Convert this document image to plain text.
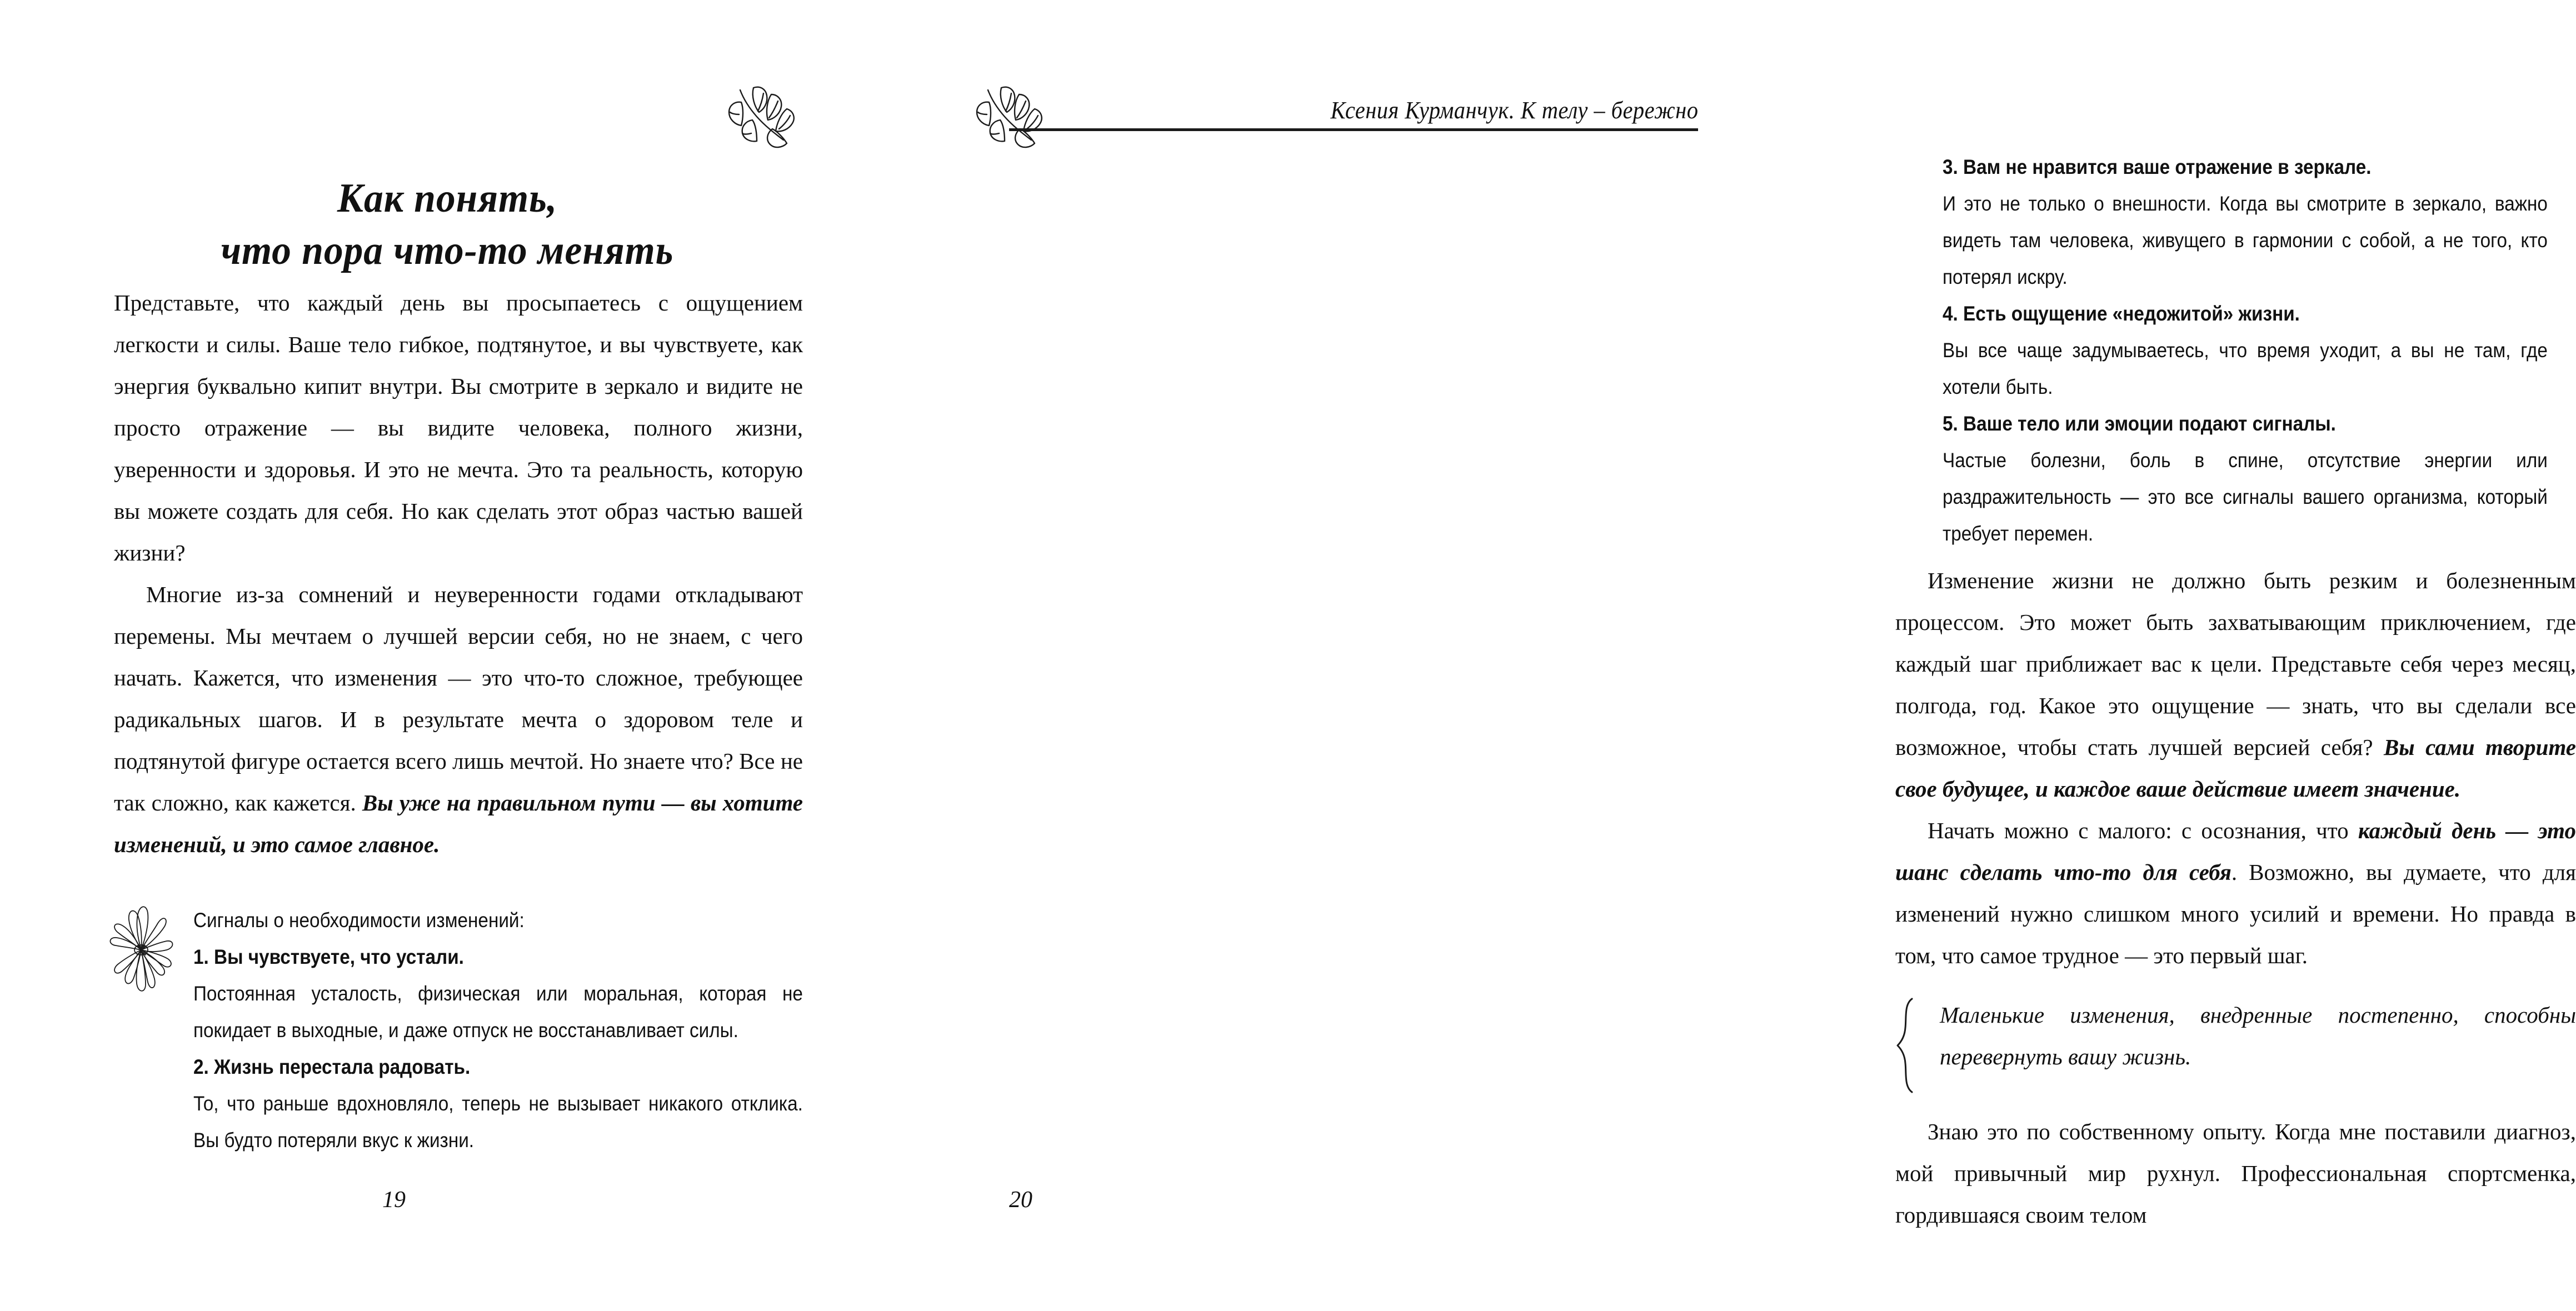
Как понять,
что пора что-то менять

Представьте, что каждый день вы просыпаетесь с ощущением легкости и силы. Ваше тело гибкое, подтянутое, и вы чувствуете, как энергия буквально кипит внутри. Вы смотрите в зеркало и видите не просто отражение — вы видите человека, полного жизни, уверенности и здоровья. И это не мечта. Это та реальность, которую вы можете создать для себя. Но как сделать этот образ частью вашей жизни?

Многие из-за сомнений и неуверенности годами откладывают перемены. Мы мечтаем о лучшей версии себя, но не знаем, с чего начать. Кажется, что изменения — это что-то сложное, требующее радикальных шагов. И в результате мечта о здоровом теле и подтянутой фигуре остается всего лишь мечтой. Но знаете что? Все не так сложно, как кажется. Вы уже на правильном пути — вы хотите изменений, и это самое главное.

Сигналы о необходимости изменений:

1. Вы чувствуете, что устали.

Постоянная усталость, физическая или моральная, которая не покидает в выходные, и даже отпуск не восстанавливает силы.

2. Жизнь перестала радовать.

То, что раньше вдохновляло, теперь не вызывает никакого отклика. Вы будто потеряли вкус к жизни.

19
Ксения Курманчук. К телу – бережно

3. Вам не нравится ваше отражение в зеркале.

И это не только о внешности. Когда вы смотрите в зеркало, важно видеть там человека, живущего в гармонии с собой, а не того, кто потерял искру.

4. Есть ощущение «недожитой» жизни.

Вы все чаще задумываетесь, что время уходит, а вы не там, где хотели быть.

5. Ваше тело или эмоции подают сигналы.

Частые болезни, боль в спине, отсутствие энергии или раздражительность — это все сигналы вашего организма, который требует перемен.

Изменение жизни не должно быть резким и болезненным процессом. Это может быть захватывающим приключением, где каждый шаг приближает вас к цели. Представьте себя через месяц, полгода, год. Какое это ощущение — знать, что вы сделали все возможное, чтобы стать лучшей версией себя? Вы сами творите свое будущее, и каждое ваше действие имеет значение.

Начать можно с малого: с осознания, что каждый день — это шанс сделать что-то для себя. Возможно, вы думаете, что для изменений нужно слишком много усилий и времени. Но правда в том, что самое трудное — это первый шаг.

Маленькие изменения, внедренные постепенно, способны перевернуть вашу жизнь.

Знаю это по собственному опыту. Когда мне поставили диагноз, мой привычный мир рухнул. Профессиональная спортсменка, гордившаяся своим телом

20
